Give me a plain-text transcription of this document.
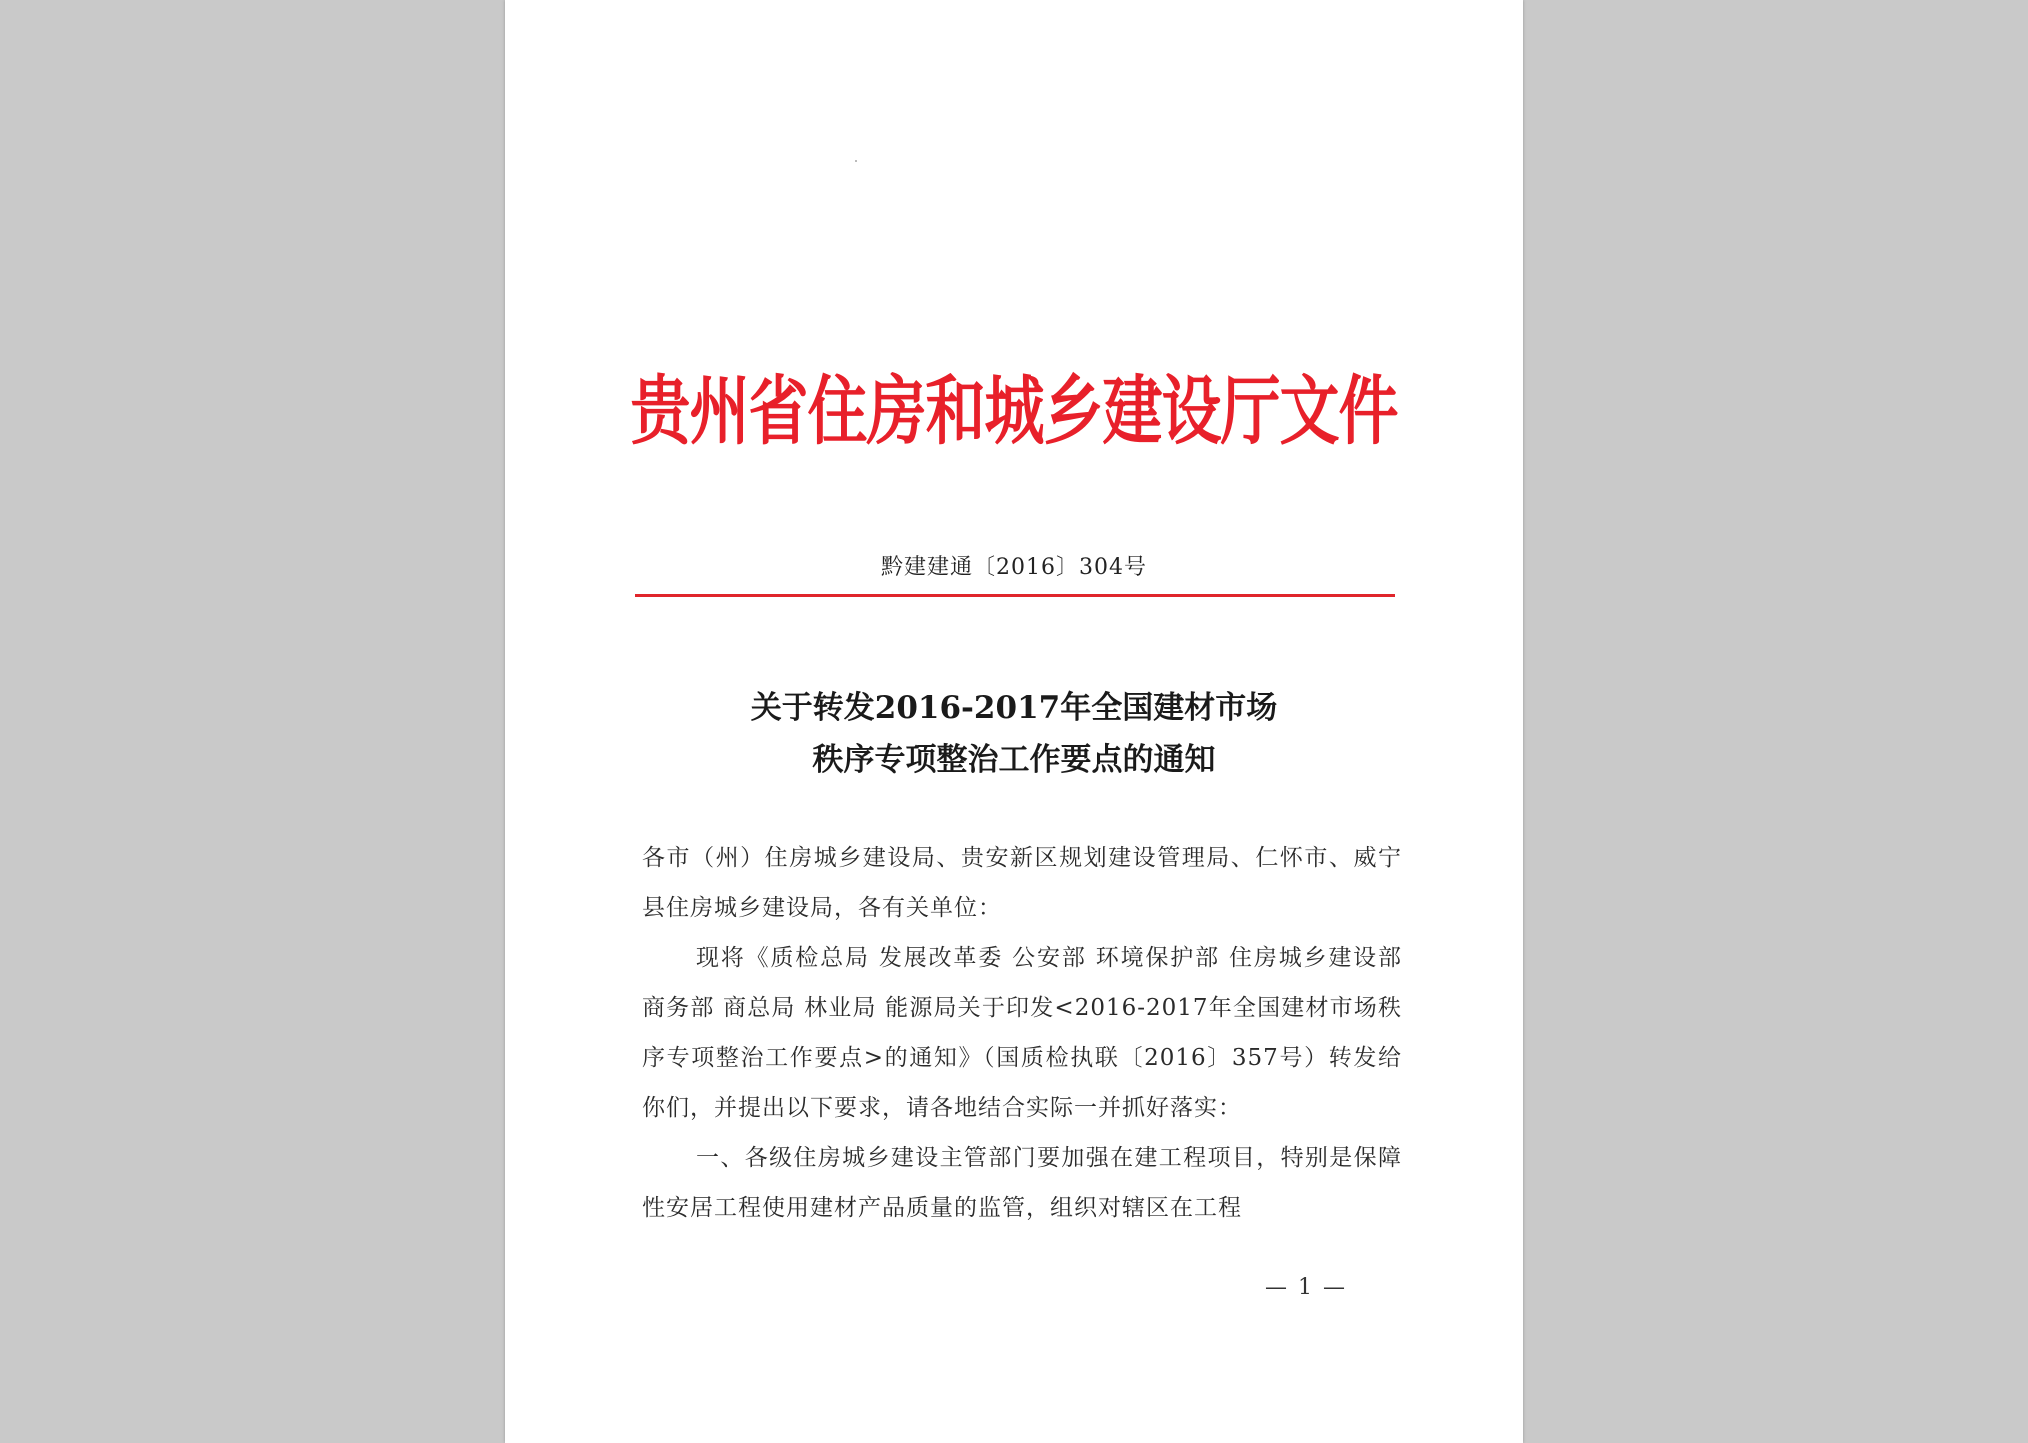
贵州省住房和城乡建设厅文件
黔建建通〔2016〕304号
关于转发2016-2017年全国建材市场
秩序专项整治工作要点的通知

各市（州）住房城乡建设局、贵安新区规划建设管理局、仁怀市、威宁县住房城乡建设局，各有关单位：

现将《质检总局 发展改革委 公安部 环境保护部 住房城乡建设部 商务部 商总局 林业局 能源局关于印发<2016-2017年全国建材市场秩序专项整治工作要点>的通知》（国质检执联〔2016〕357号）转发给你们，并提出以下要求，请各地结合实际一并抓好落实：

一、各级住房城乡建设主管部门要加强在建工程项目，特别是保障性安居工程使用建材产品质量的监管，组织对辖区在工程

— 1 —
